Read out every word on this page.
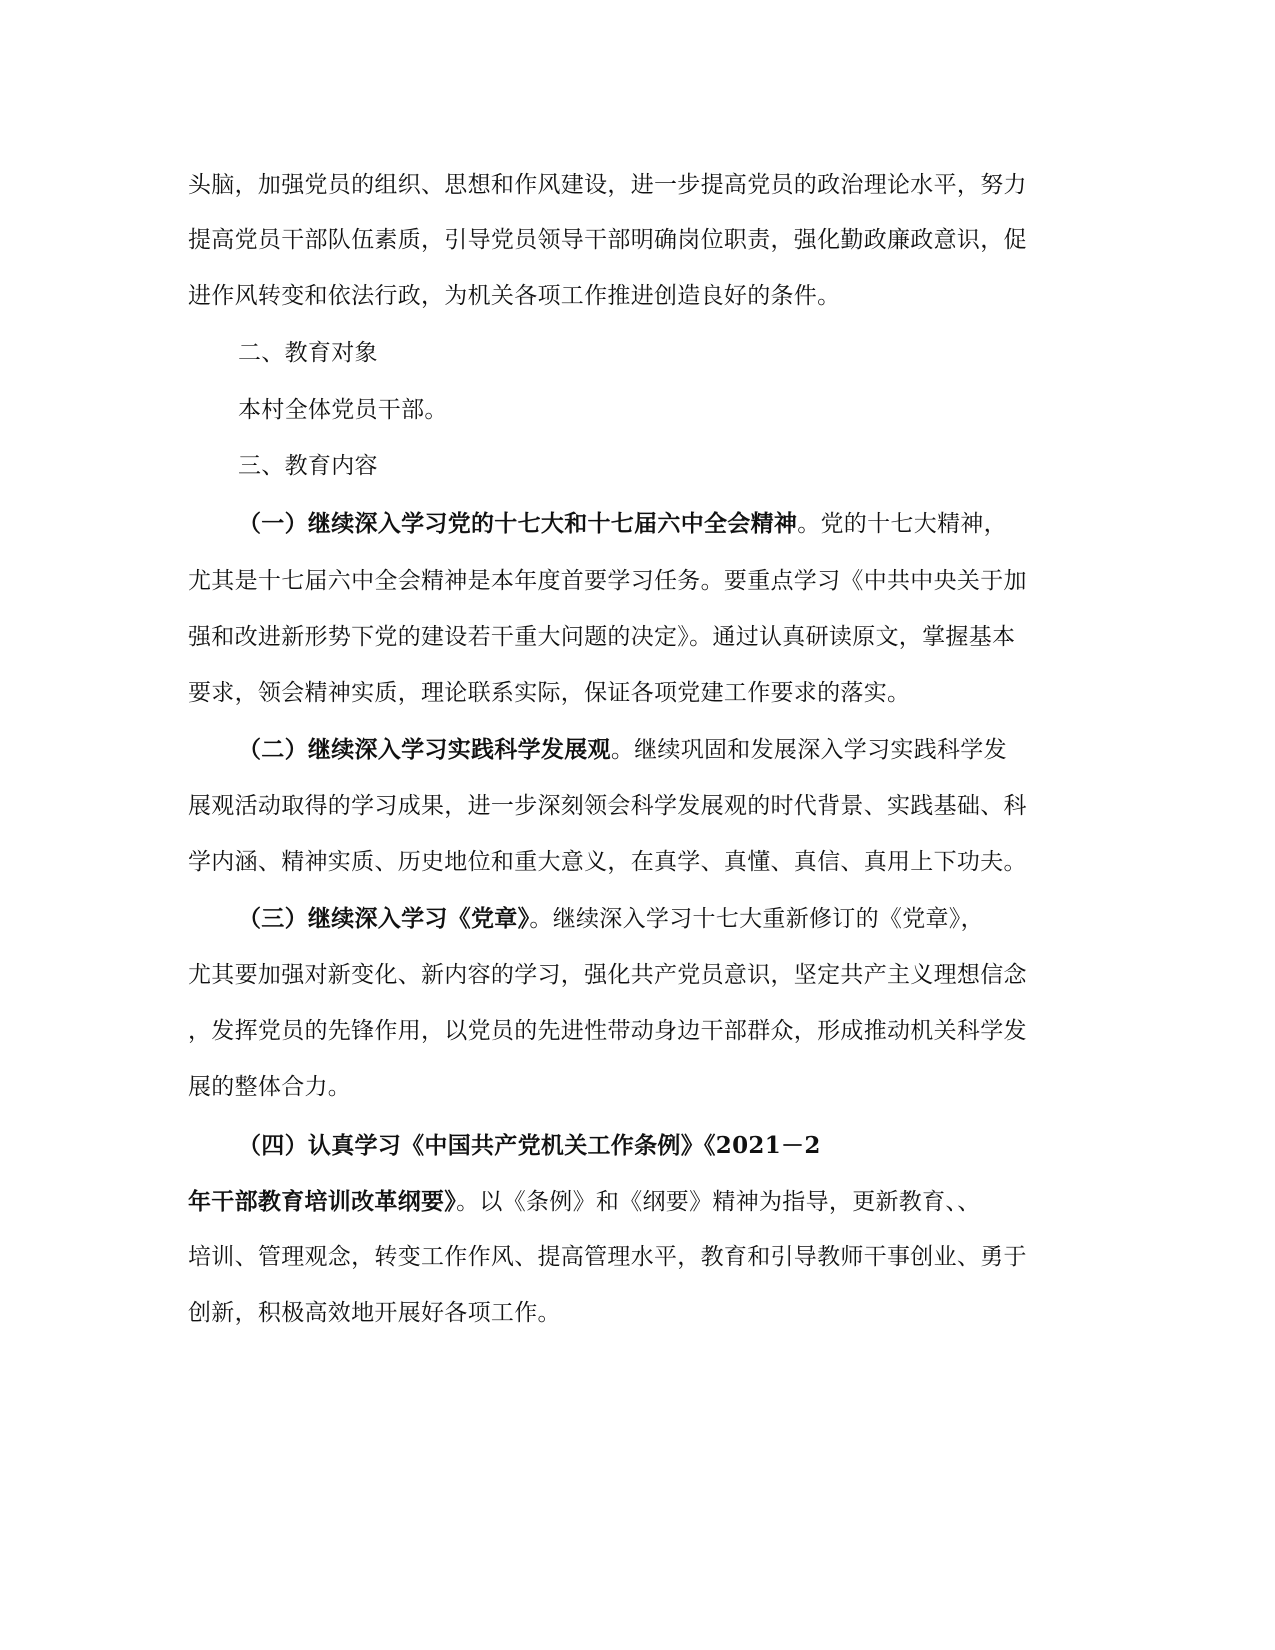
头脑，加强党员的组织、思想和作风建设，进一步提高党员的政治理论水平，努力
提高党员干部队伍素质，引导党员领导干部明确岗位职责，强化勤政廉政意识，促
进作风转变和依法行政，为机关各项工作推进创造良好的条件。
二、教育对象
本村全体党员干部。
三、教育内容
（一）继续深入学习党的十七大和十七届六中全会精神。党的十七大精神，
尤其是十七届六中全会精神是本年度首要学习任务。要重点学习《中共中央关于加
强和改进新形势下党的建设若干重大问题的决定》。通过认真研读原文，掌握基本
要求，领会精神实质，理论联系实际，保证各项党建工作要求的落实。
（二）继续深入学习实践科学发展观。继续巩固和发展深入学习实践科学发
展观活动取得的学习成果，进一步深刻领会科学发展观的时代背景、实践基础、科
学内涵、精神实质、历史地位和重大意义，在真学、真懂、真信、真用上下功夫。
（三）继续深入学习《党章》。继续深入学习十七大重新修订的《党章》，
尤其要加强对新变化、新内容的学习，强化共产党员意识，坚定共产主义理想信念
，发挥党员的先锋作用，以党员的先进性带动身边干部群众，形成推动机关科学发
展的整体合力。
（四）认真学习《中国共产党机关工作条例》《2021－2
年干部教育培训改革纲要》。以《条例》和《纲要》精神为指导，更新教育、、
培训、管理观念，转变工作作风、提高管理水平，教育和引导教师干事创业、勇于
创新，积极高效地开展好各项工作。
